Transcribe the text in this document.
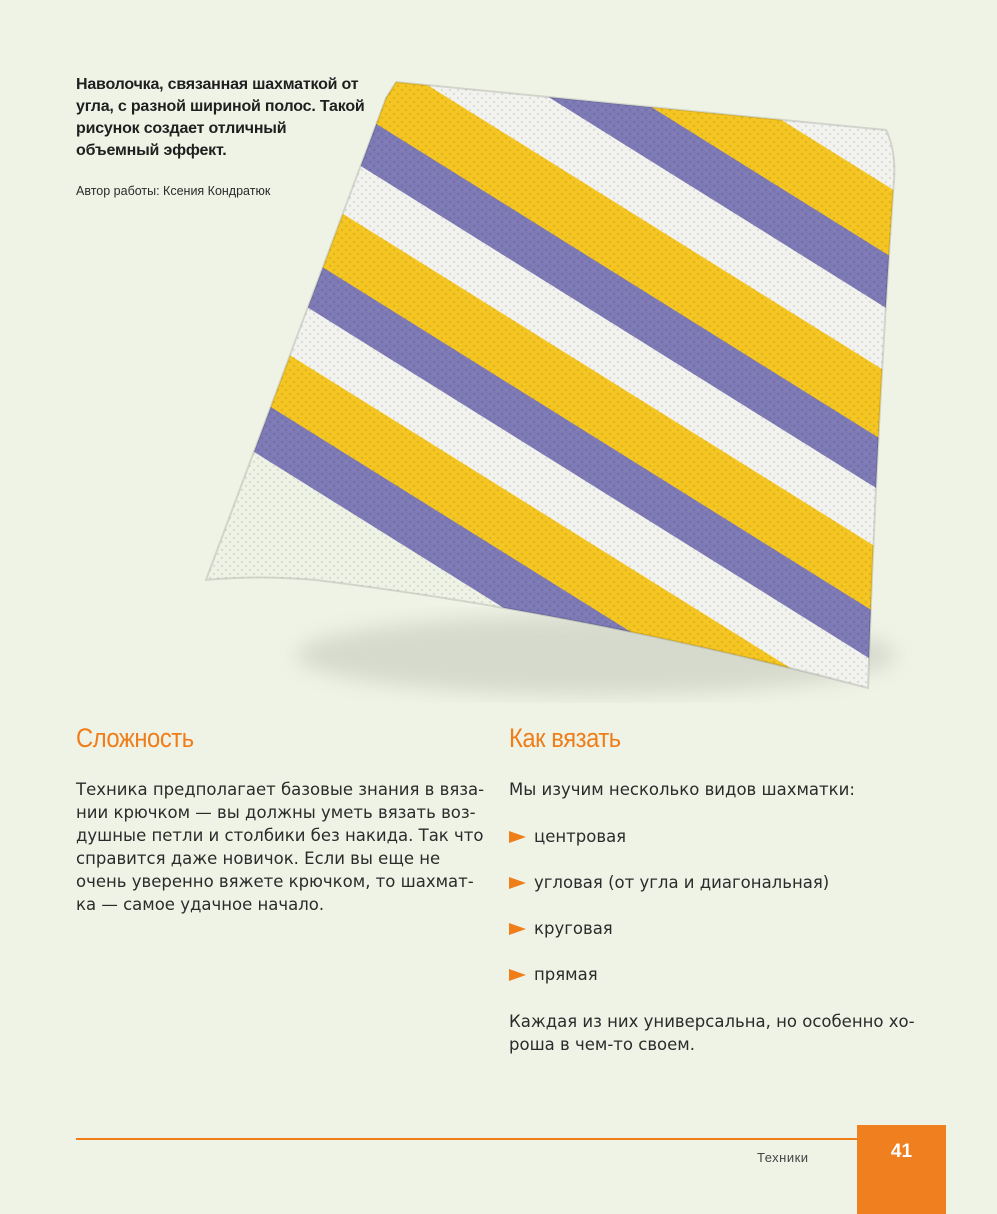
Наволочка, связанная шахматкой от
угла, с разной шириной полос. Такой
рисунок создает отличный
объемный эффект.
Автор работы: Ксения Кондратюк
Сложность
Техника предполагает базовые знания в вяза-
нии крючком — вы должны уметь вязать воз-
душные петли и столбики без накида. Так что
справится даже новичок. Если вы еще не
очень уверенно вяжете крючком, то шахмат-
ка — самое удачное начало.
Как вязать
Мы изучим несколько видов шахматки:
центровая
угловая (от угла и диагональная)
круговая
прямая
Каждая из них универсальна, но особенно хо-
роша в чем-то своем.
Техники	41
